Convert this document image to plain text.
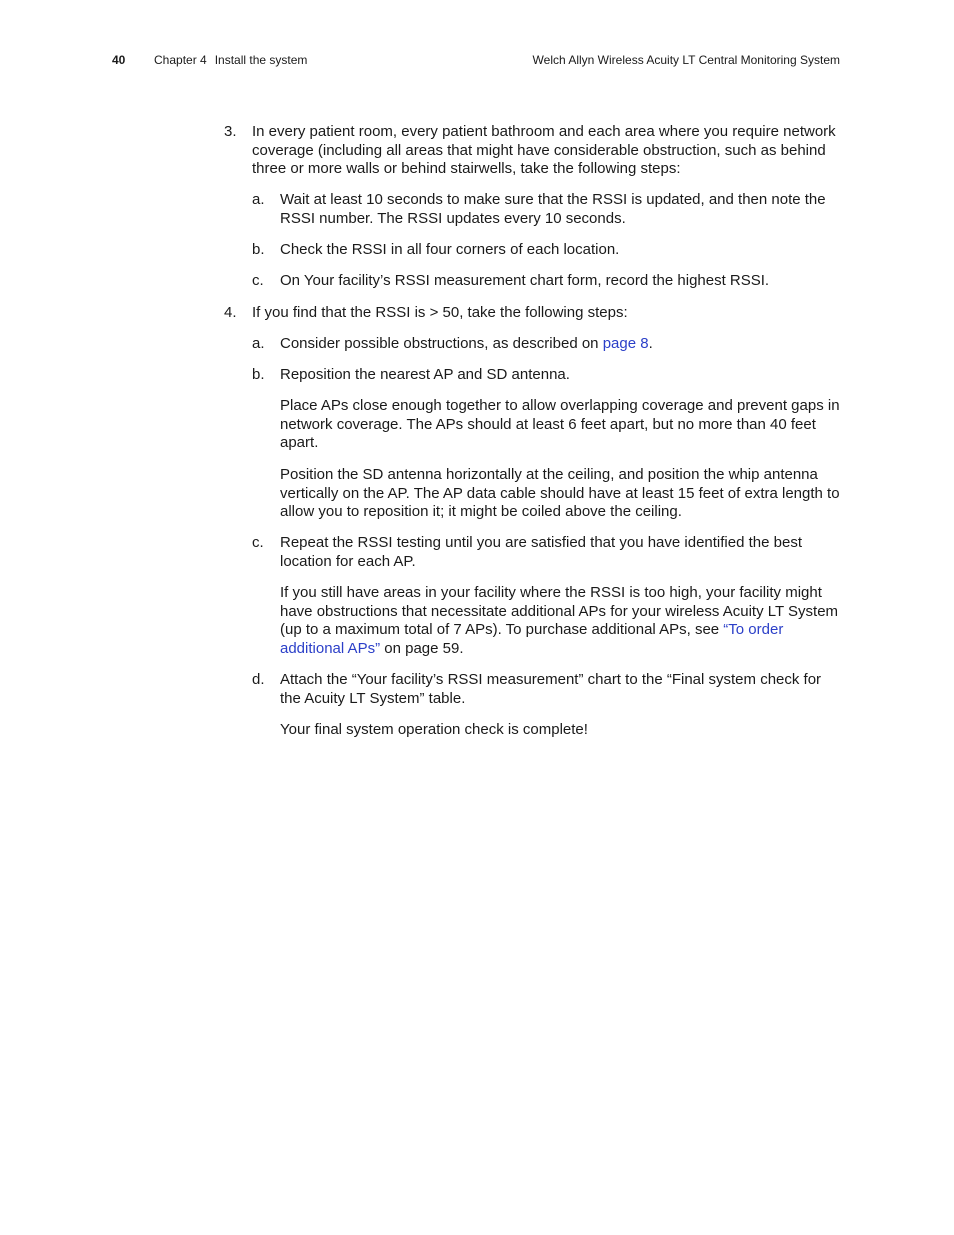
40 Chapter 4 Install the system	Welch Allyn Wireless Acuity LT Central Monitoring System
3. In every patient room, every patient bathroom and each area where you require network coverage (including all areas that might have considerable obstruction, such as behind three or more walls or behind stairwells, take the following steps:
a. Wait at least 10 seconds to make sure that the RSSI is updated, and then note the RSSI number. The RSSI updates every 10 seconds.
b. Check the RSSI in all four corners of each location.
c. On Your facility’s RSSI measurement chart form, record the highest RSSI.
4. If you find that the RSSI is > 50, take the following steps:
a. Consider possible obstructions, as described on page 8.
b. Reposition the nearest AP and SD antenna.
Place APs close enough together to allow overlapping coverage and prevent gaps in network coverage. The APs should at least 6 feet apart, but no more than 40 feet apart.
Position the SD antenna horizontally at the ceiling, and position the whip antenna vertically on the AP. The AP data cable should have at least 15 feet of extra length to allow you to reposition it; it might be coiled above the ceiling.
c. Repeat the RSSI testing until you are satisfied that you have identified the best location for each AP.
If you still have areas in your facility where the RSSI is too high, your facility might have obstructions that necessitate additional APs for your wireless Acuity LT System (up to a maximum total of 7 APs). To purchase additional APs, see “To order additional APs” on page 59.
d. Attach the “Your facility’s RSSI measurement” chart to the “Final system check for the Acuity LT System” table.
Your final system operation check is complete!
